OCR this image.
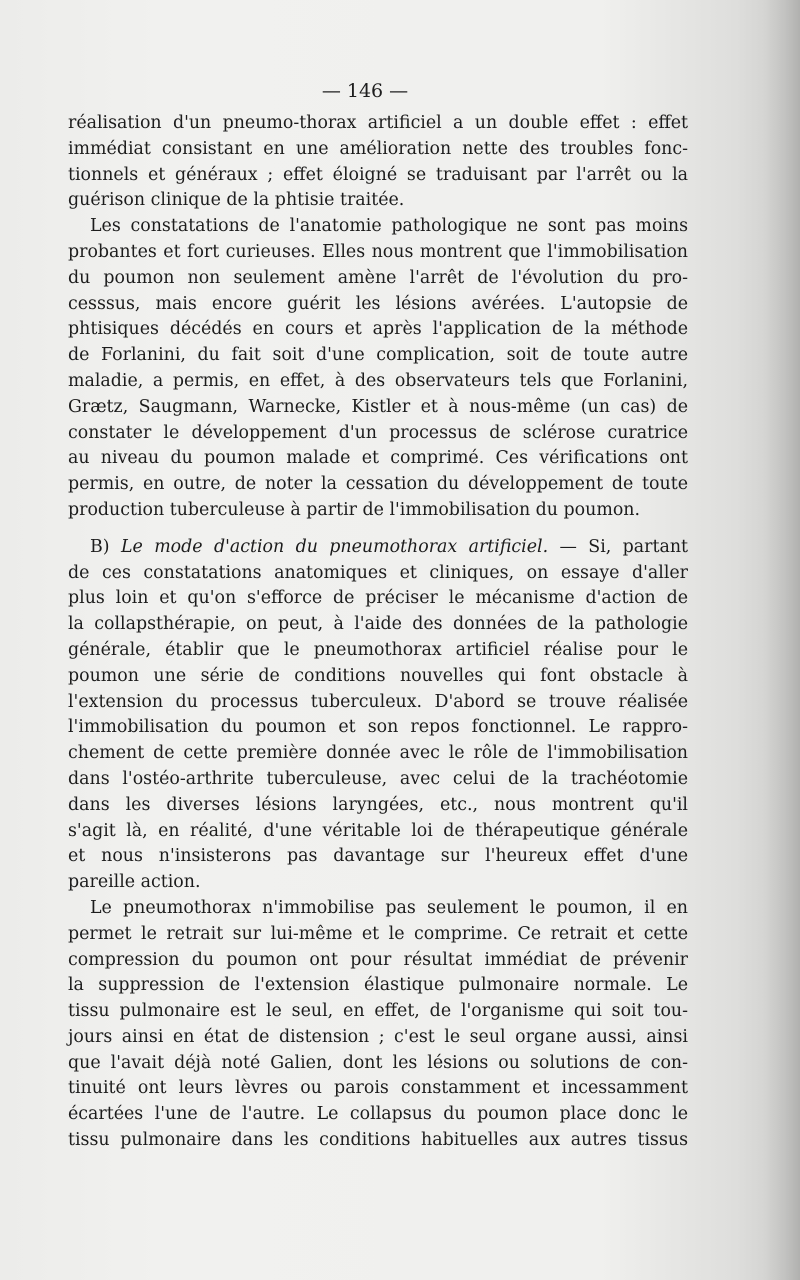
— 146 —
réalisation d'un pneumo-thorax artificiel a un double effet : effet
immédiat consistant en une amélioration nette des troubles fonc-
tionnels et généraux ; effet éloigné se traduisant par l'arrêt ou la
guérison clinique de la phtisie traitée.
Les constatations de l'anatomie pathologique ne sont pas moins
probantes et fort curieuses. Elles nous montrent que l'immobilisation
du poumon non seulement amène l'arrêt de l'évolution du pro-
cesssus, mais encore guérit les lésions avérées. L'autopsie de
phtisiques décédés en cours et après l'application de la méthode
de Forlanini, du fait soit d'une complication, soit de toute autre
maladie, a permis, en effet, à des observateurs tels que Forlanini,
Grætz, Saugmann, Warnecke, Kistler et à nous-même (un cas) de
constater le développement d'un processus de sclérose curatrice
au niveau du poumon malade et comprimé. Ces vérifications ont
permis, en outre, de noter la cessation du développement de toute
production tuberculeuse à partir de l'immobilisation du poumon.
B) Le mode d'action du pneumothorax artificiel. — Si, partant
de ces constatations anatomiques et cliniques, on essaye d'aller
plus loin et qu'on s'efforce de préciser le mécanisme d'action de
la collapsthérapie, on peut, à l'aide des données de la pathologie
générale, établir que le pneumothorax artificiel réalise pour le
poumon une série de conditions nouvelles qui font obstacle à
l'extension du processus tuberculeux. D'abord se trouve réalisée
l'immobilisation du poumon et son repos fonctionnel. Le rappro-
chement de cette première donnée avec le rôle de l'immobilisation
dans l'ostéo-arthrite tuberculeuse, avec celui de la trachéotomie
dans les diverses lésions laryngées, etc., nous montrent qu'il
s'agit là, en réalité, d'une véritable loi de thérapeutique générale
et nous n'insisterons pas davantage sur l'heureux effet d'une
pareille action.
Le pneumothorax n'immobilise pas seulement le poumon, il en
permet le retrait sur lui-même et le comprime. Ce retrait et cette
compression du poumon ont pour résultat immédiat de prévenir
la suppression de l'extension élastique pulmonaire normale. Le
tissu pulmonaire est le seul, en effet, de l'organisme qui soit tou-
jours ainsi en état de distension ; c'est le seul organe aussi, ainsi
que l'avait déjà noté Galien, dont les lésions ou solutions de con-
tinuité ont leurs lèvres ou parois constamment et incessamment
écartées l'une de l'autre. Le collapsus du poumon place donc le
tissu pulmonaire dans les conditions habituelles aux autres tissus
